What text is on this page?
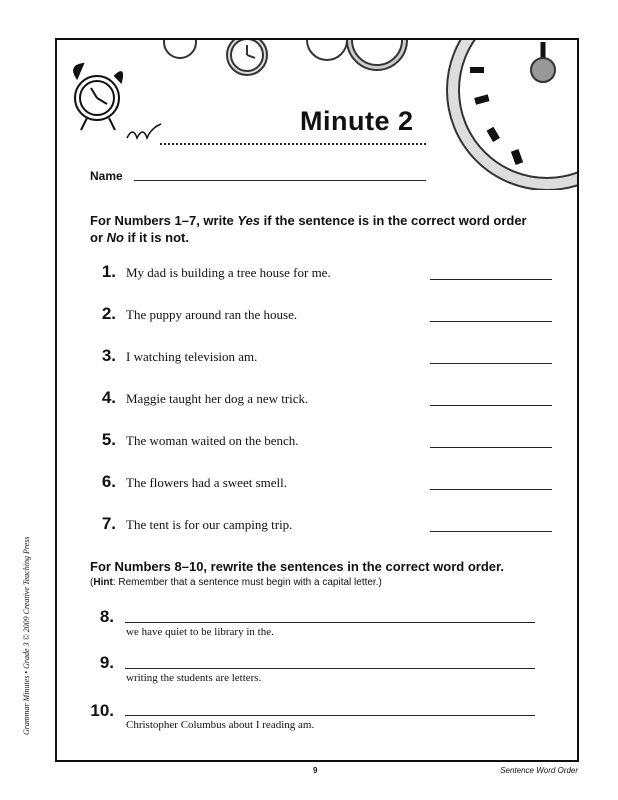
Minute 2
Name
For Numbers 1–7, write Yes if the sentence is in the correct word order
or No if it is not.
1. My dad is building a tree house for me.
2. The puppy around ran the house.
3. I watching television am.
4. Maggie taught her dog a new trick.
5. The woman waited on the bench.
6. The flowers had a sweet smell.
7. The tent is for our camping trip.
For Numbers 8–10, rewrite the sentences in the correct word order.
(Hint: Remember that a sentence must begin with a capital letter.)
8.
we have quiet to be library in the.
9.
writing the students are letters.
10.
Christopher Columbus about I reading am.
Grammar Minutes • Grade 3 © 2009 Creative Teaching Press
9	Sentence Word Order
